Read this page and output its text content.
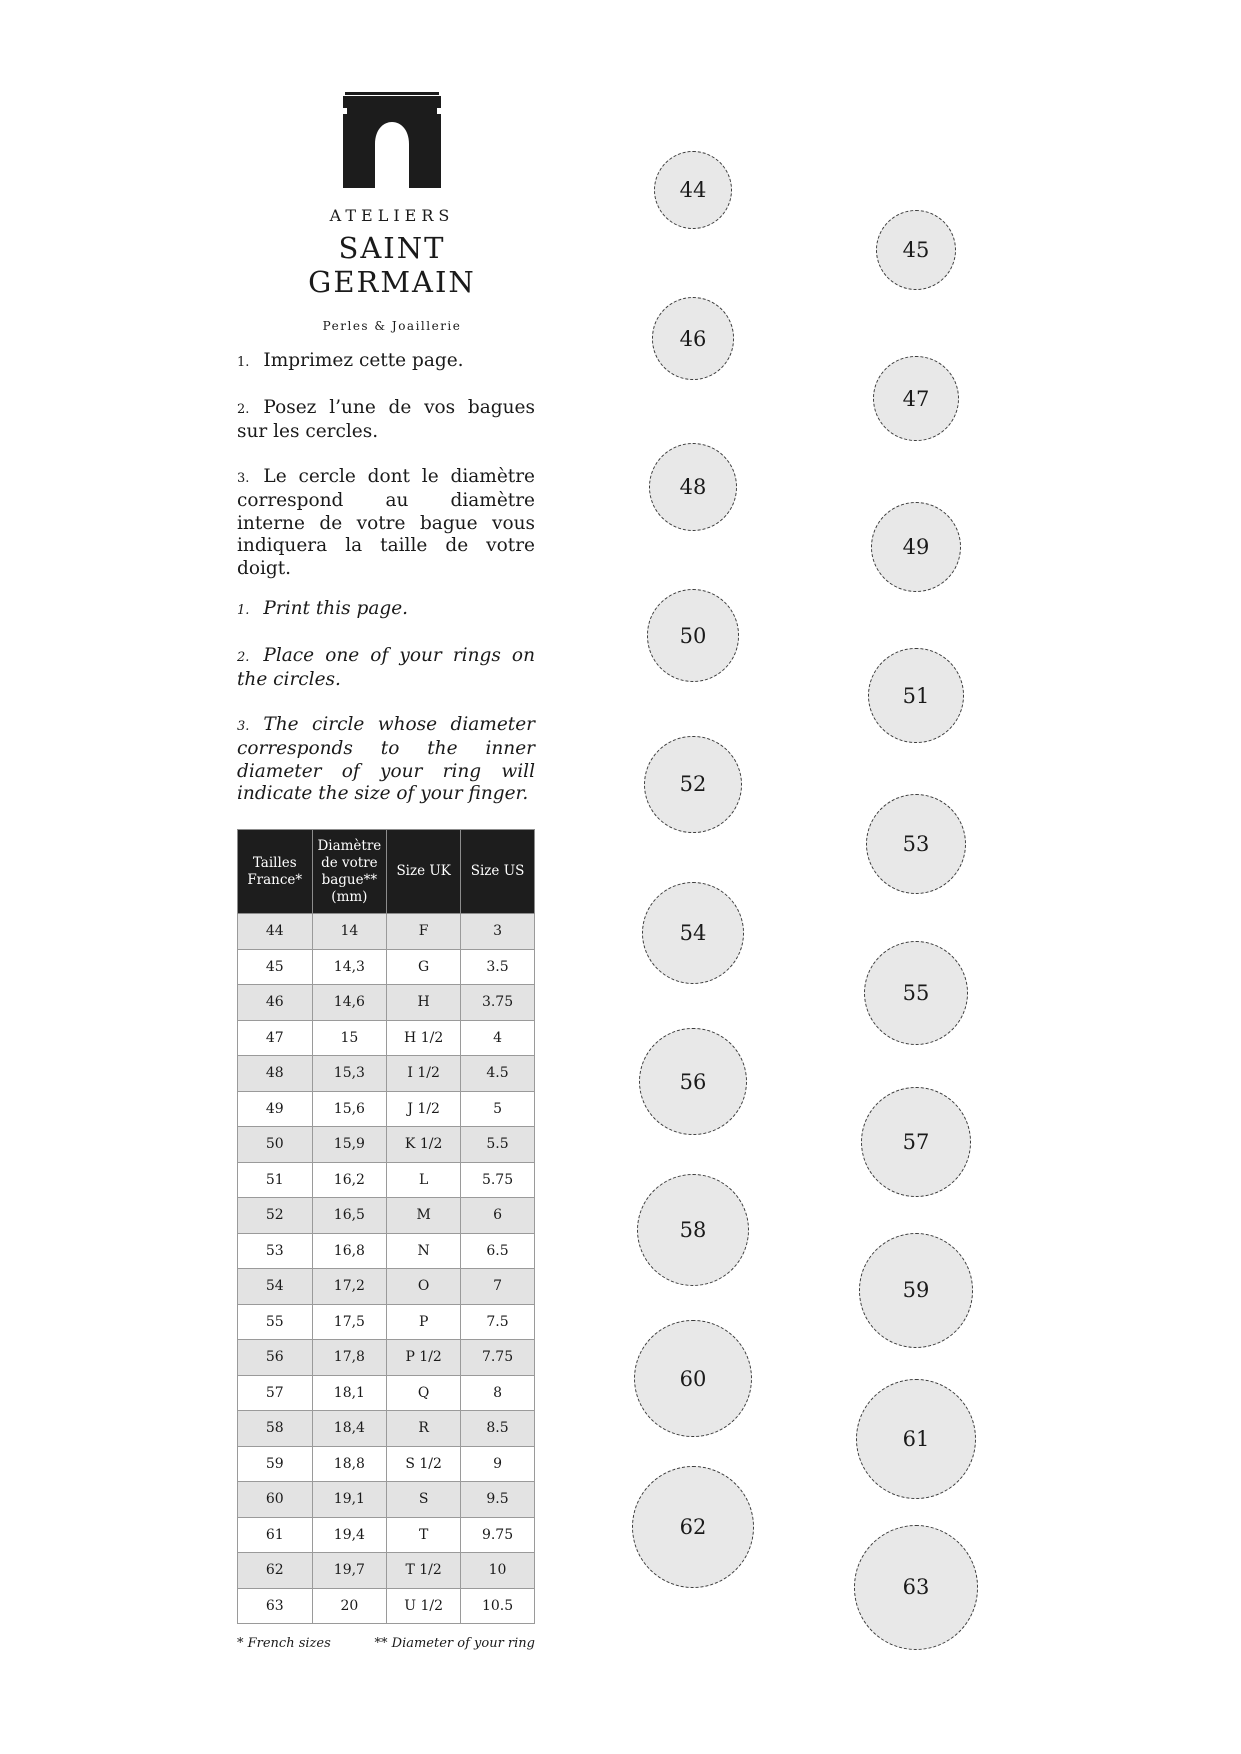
ATELIERS
SAINT GERMAIN
Perles & Joaillerie

1. Imprimez cette page.

2. Posez l’une de vos bagues sur les cercles.

3. Le cercle dont le diamètre correspond au diamètre interne de votre bague vous indiquera la taille de votre doigt.

1. Print this page.

2. Place one of your rings on the circles.

3. The circle whose diameter corresponds to the inner diameter of your ring will indicate the size of your finger.

Tailles France*	Diamètre de votre bague** (mm)	Size UK	Size US
44	14	F	3
45	14,3	G	3.5
46	14,6	H	3.75
47	15	H 1/2	4
48	15,3	I 1/2	4.5
49	15,6	J 1/2	5
50	15,9	K 1/2	5.5
51	16,2	L	5.75
52	16,5	M	6
53	16,8	N	6.5
54	17,2	O	7
55	17,5	P	7.5
56	17,8	P 1/2	7.75
57	18,1	Q	8
58	18,4	R	8.5
59	18,8	S 1/2	9
60	19,1	S	9.5
61	19,4	T	9.75
62	19,7	T 1/2	10
63	20	U 1/2	10.5
* French sizes	** Diameter of your ring
44
45
46
47
48
49
50
51
52
53
54
55
56
57
58
59
60
61
62
63
